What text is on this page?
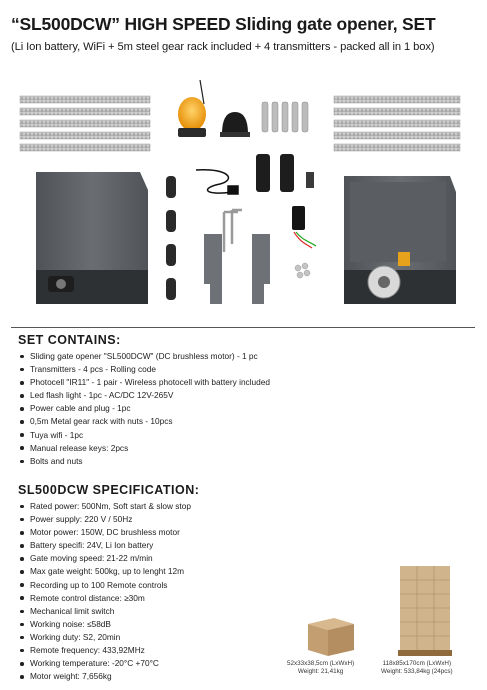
“SL500DCW” HIGH SPEED Sliding gate opener, SET
(Li Ion battery, WiFi + 5m steel gear rack included + 4 transmitters - packed all in 1 box)
SET CONTAINS:
Sliding gate opener "SL500DCW" (DC brushless motor) - 1 pc
Transmitters - 4 pcs - Rolling code
Photocell "IR11" - 1 pair - Wireless photocell with battery included
Led flash light - 1pc - AC/DC 12V-265V
Power cable and plug - 1pc
0,5m Metal gear rack with nuts - 10pcs
Tuya wifi - 1pc
Manual release keys: 2pcs
Bolts and nuts
SL500DCW SPECIFICATION:
Rated power: 500Nm, Soft start & slow stop
Power supply: 220 V / 50Hz
Motor power: 150W, DC brushless motor
Battery specifi: 24V, Li Ion battery
Gate moving speed: 21-22 m/min
Max gate weight: 500kg, up to lenght 12m
Recording up to 100 Remote controls
Remote control distance: ≥30m
Mechanical limit switch
Working noise: ≤58dB
Working duty: S2, 20min
Remote frequency: 433,92MHz
Working temperature: -20°C +70°C
Motor weight: 7,656kg
52x33x38,5cm (LxWxH)
Weight: 21,41kg
118x85x170cm (LxWxH)
Weight: 533,84kg (24pcs)
